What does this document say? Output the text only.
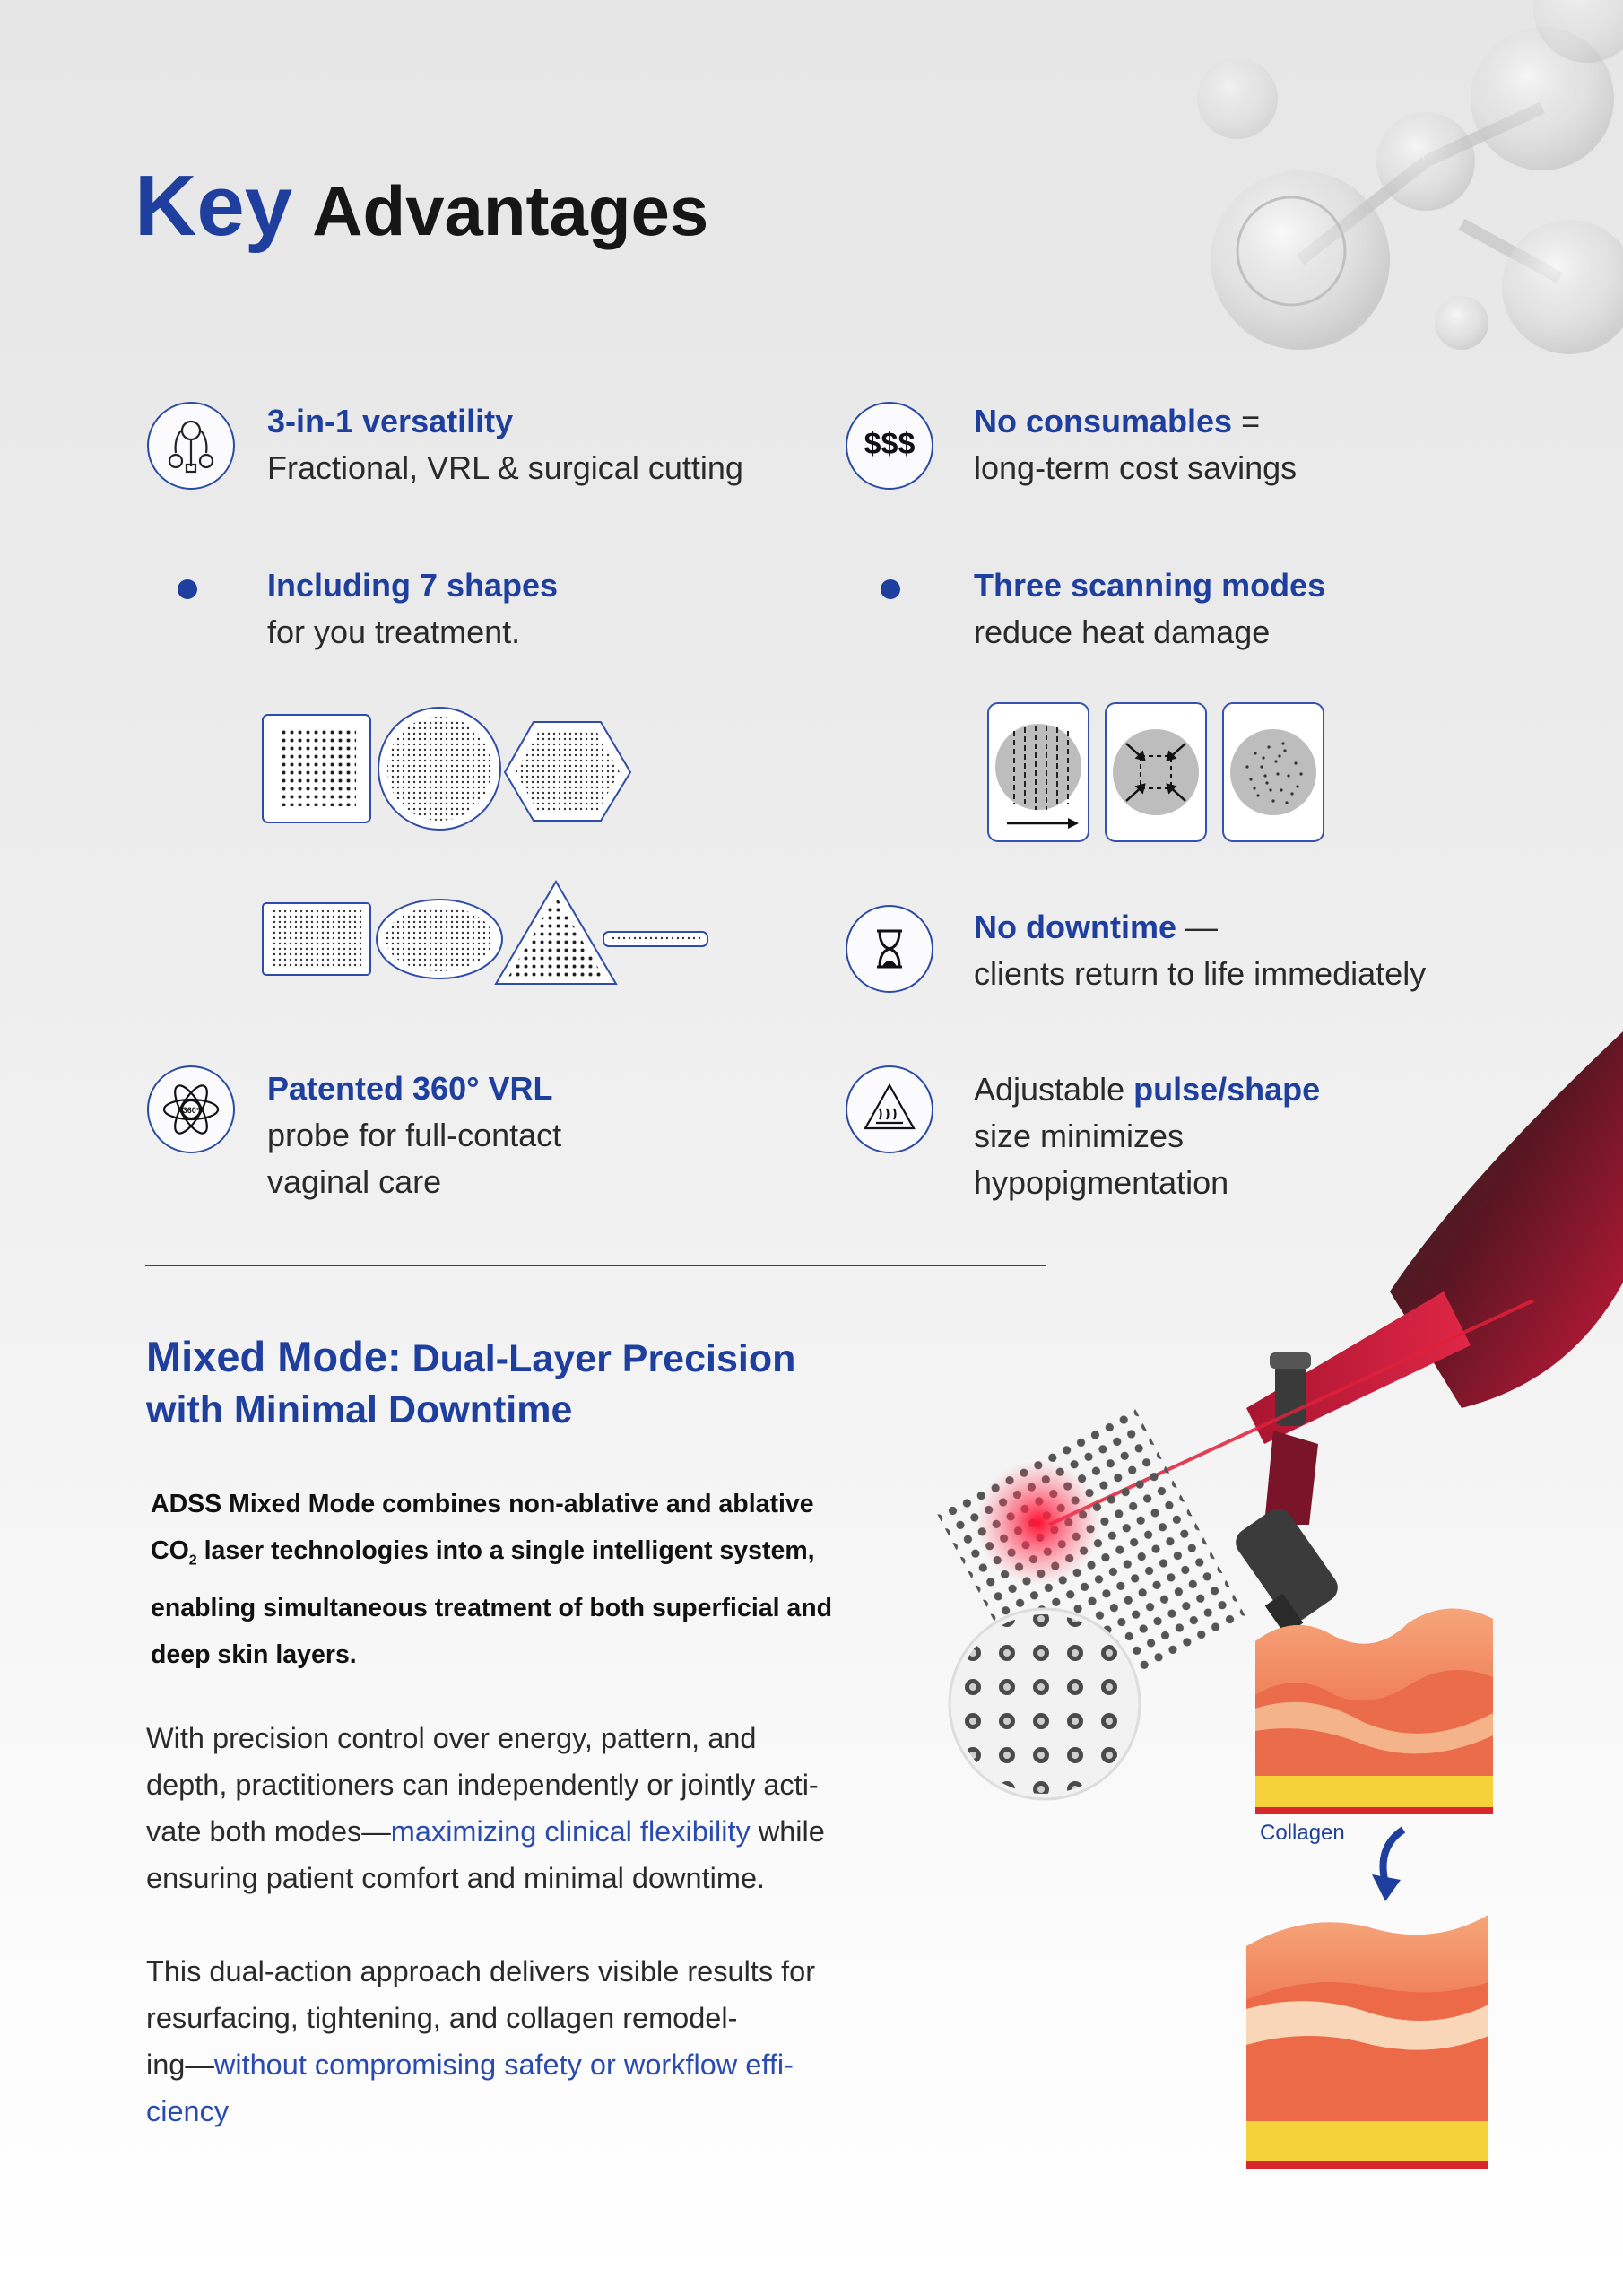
Key Advantages
3-in-1 versatility
Fractional, VRL & surgical cutting
$$$
No consumables =
long-term cost savings
Including 7 shapes
for you treatment.
Three scanning modes
reduce heat damage
No downtime —
clients return to life immediately
360°
Patented 360° VRL
probe for full-contact
vaginal care
Adjustable pulse/shape
size minimizes
hypopigmentation
Collagen
Mixed Mode: Dual-Layer Precision
with Minimal Downtime
ADSS Mixed Mode combines non-ablative and ablative
$CO_2$ laser technologies into a single intelligent system,
enabling simultaneous treatment of both superficial and
deep skin layers.
With precision control over energy, pattern, and
depth, practitioners can independently or jointly acti-
vate both modes—maximizing clinical flexibility while
ensuring patient comfort and minimal downtime.
This dual-action approach delivers visible results for
resurfacing, tightening, and collagen remodel-
ing—without compromising safety or workflow effi-
ciency
